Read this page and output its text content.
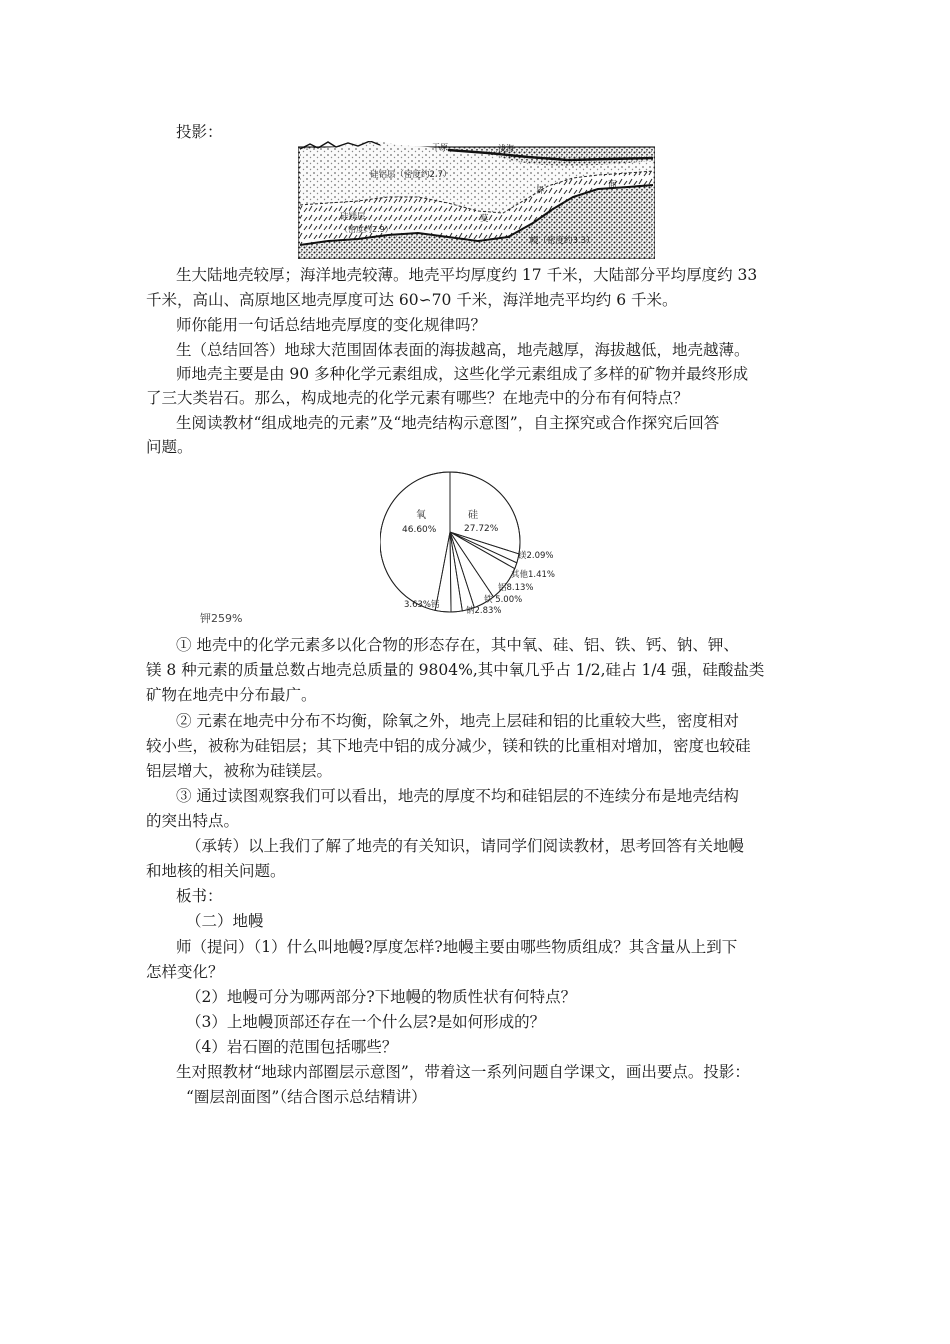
投影：
干原	浅海
硅铝层（密度约2.7）
硅镁层
（密度约2.9）
界
面
莫
幔（密度约3.3）
生大陆地壳较厚；海洋地壳较薄。地壳平均厚度约 17 千米，大陆部分平均厚度约 33
千米，高山、高原地区地壳厚度可达 60∽70 千米，海洋地壳平均约 6 千米。
师你能用一句话总结地壳厚度的变化规律吗？
生（总结回答）地球大范围固体表面的海拔越高，地壳越厚，海拔越低，地壳越薄。
师地壳主要是由 90 多种化学元素组成，这些化学元素组成了多样的矿物并最终形成
了三大类岩石。那么，构成地壳的化学元素有哪些？在地壳中的分布有何特点？
生阅读教材“组成地壳的元素”及“地壳结构示意图”，自主探究或合作探究后回答
问题。
氧
46.60%
硅
27.72%
镁2.09%
其他1.41%
铝8.13%
铁 5.00%
钠2.83%
3.63%钙
钾259%
① 地壳中的化学元素多以化合物的形态存在，其中氧、硅、铝、铁、钙、钠、钾、
镁 8 种元素的质量总数占地壳总质量的 9804%,其中氧几乎占 1/2,硅占 1/4 强，硅酸盐类
矿物在地壳中分布最广。
② 元素在地壳中分布不均衡，除氧之外，地壳上层硅和铝的比重较大些，密度相对
较小些，被称为硅铝层；其下地壳中铝的成分减少，镁和铁的比重相对增加，密度也较硅
铝层增大，被称为硅镁层。
③ 通过读图观察我们可以看出，地壳的厚度不均和硅铝层的不连续分布是地壳结构
的突出特点。
（承转）以上我们了解了地壳的有关知识，请同学们阅读教材，思考回答有关地幔
和地核的相关问题。
板书：
（二）地幔
师（提问）（1）什么叫地幔?厚度怎样?地幔主要由哪些物质组成？其含量从上到下
怎样变化？
（2）地幔可分为哪两部分?下地幔的物质性状有何特点？
（3）上地幔顶部还存在一个什么层?是如何形成的？
（4）岩石圈的范围包括哪些？
生对照教材“地球内部圈层示意图”，带着这一系列问题自学课文，画出要点。投影：
“圈层剖面图”（结合图示总结精讲）
